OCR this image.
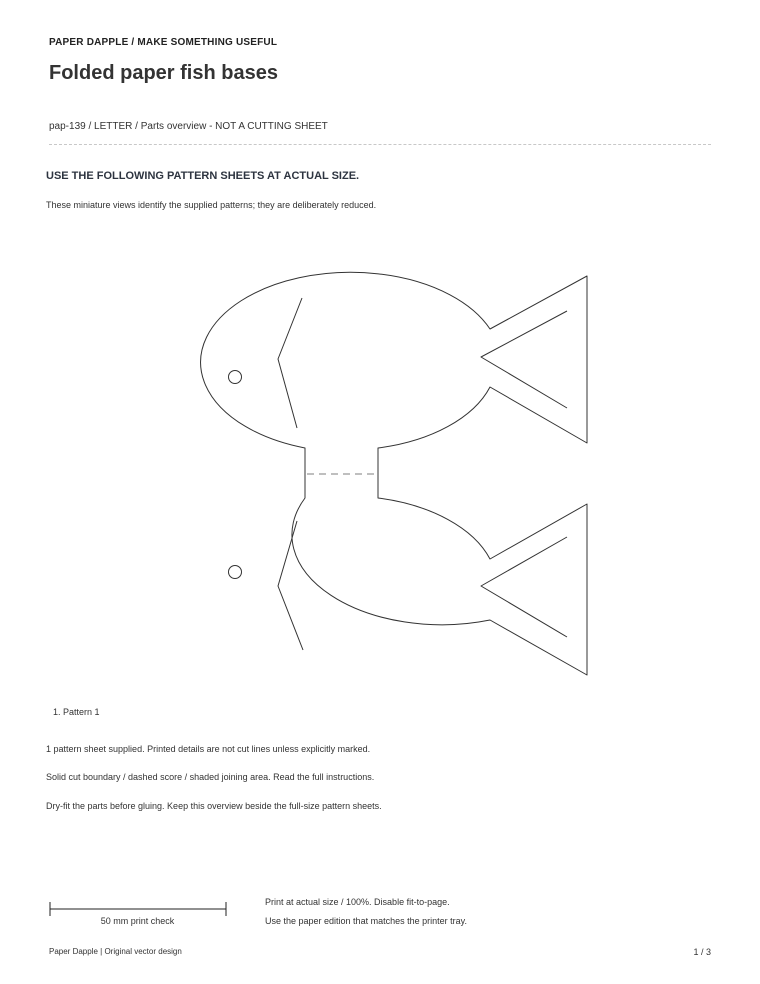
PAPER DAPPLE / MAKE SOMETHING USEFUL
Folded paper fish bases
pap-139 / LETTER / Parts overview - NOT A CUTTING SHEET
USE THE FOLLOWING PATTERN SHEETS AT ACTUAL SIZE.
These miniature views identify the supplied patterns; they are deliberately reduced.
1. Pattern 1
1 pattern sheet supplied. Printed details are not cut lines unless explicitly marked.
Solid cut boundary / dashed score / shaded joining area. Read the full instructions.
Dry-fit the parts before gluing. Keep this overview beside the full-size pattern sheets.
50 mm print check
Print at actual size / 100%. Disable fit-to-page.
Use the paper edition that matches the printer tray.
Paper Dapple | Original vector design	1 / 3
